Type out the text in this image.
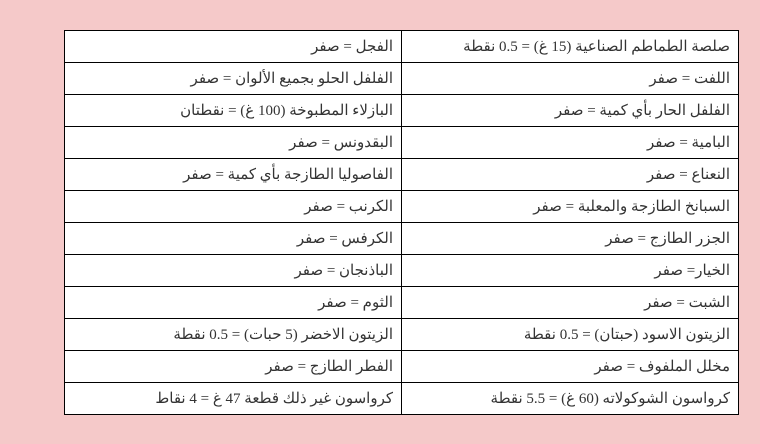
صلصة الطماطم الصناعية (15 غ) = 0.5 نقطة	الفجل = صفر
اللفت = صفر	الفلفل الحلو بجميع الألوان = صفر
الفلفل الحار بأي كمية = صفر	البازلاء المطبوخة (100 غ) = نقطتان
البامية = صفر	البقدونس = صفر
النعناع = صفر	الفاصوليا الطازجة بأي كمية = صفر
السبانخ الطازجة والمعلبة = صفر	الكرنب = صفر
الجزر الطازج = صفر	الكرفس = صفر
الخيار= صفر	الباذنجان = صفر
الشبت = صفر	الثوم = صفر
الزيتون الاسود (حبتان) = 0.5 نقطة	الزيتون الاخضر (5 حبات) = 0.5 نقطة
مخلل الملفوف = صفر	الفطر الطازج = صفر
كرواسون الشوكولاته (60 غ) = 5.5 نقطة	كرواسون غير ذلك قطعة 47 غ = 4 نقاط
